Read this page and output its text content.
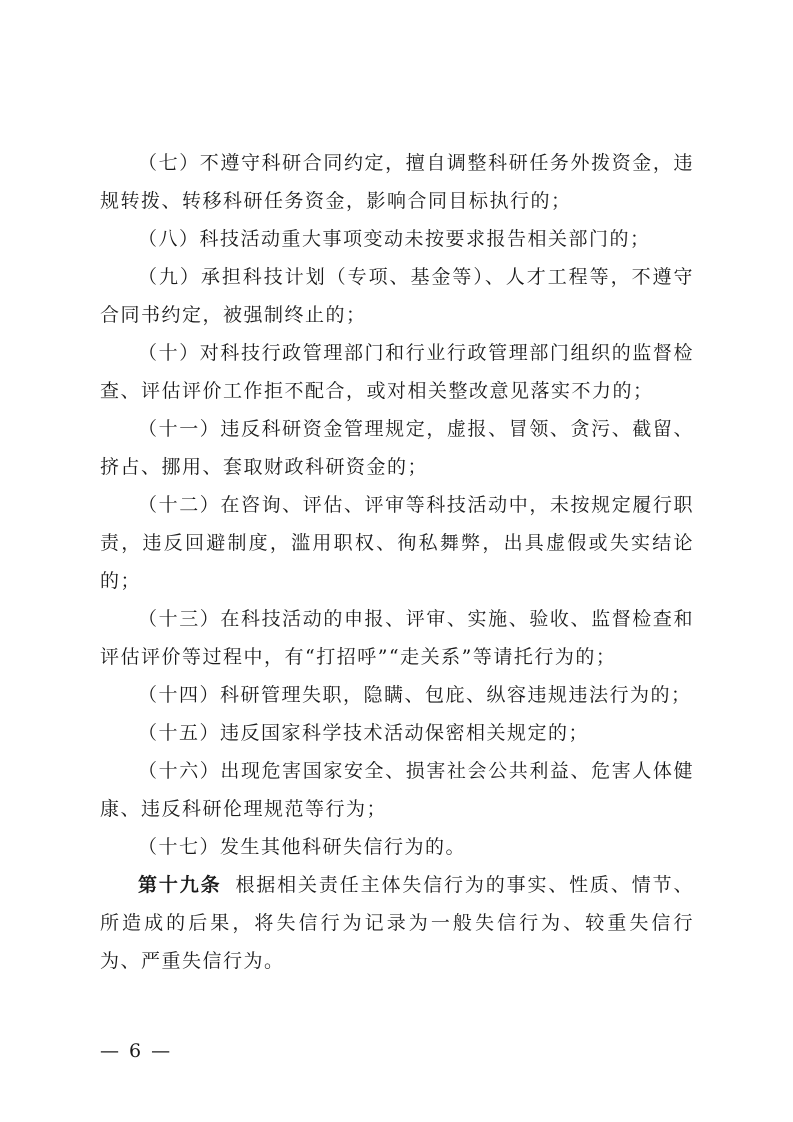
（七）不遵守科研合同约定，擅自调整科研任务外拨资金，违规转拨、转移科研任务资金，影响合同目标执行的；

（八）科技活动重大事项变动未按要求报告相关部门的；

（九）承担科技计划（专项、基金等）、人才工程等，不遵守合同书约定，被强制终止的；

（十）对科技行政管理部门和行业行政管理部门组织的监督检查、评估评价工作拒不配合，或对相关整改意见落实不力的；

（十一）违反科研资金管理规定，虚报、冒领、贪污、截留、挤占、挪用、套取财政科研资金的；

（十二）在咨询、评估、评审等科技活动中，未按规定履行职责，违反回避制度，滥用职权、徇私舞弊，出具虚假或失实结论的；

（十三）在科技活动的申报、评审、实施、验收、监督检查和评估评价等过程中，有“打招呼”“走关系”等请托行为的；

（十四）科研管理失职，隐瞒、包庇、纵容违规违法行为的；

（十五）违反国家科学技术活动保密相关规定的；

（十六）出现危害国家安全、损害社会公共利益、危害人体健康、违反科研伦理规范等行为；

（十七）发生其他科研失信行为的。

第十九条 根据相关责任主体失信行为的事实、性质、情节、所造成的后果，将失信行为记录为一般失信行为、较重失信行为、严重失信行为。

— 6 —
